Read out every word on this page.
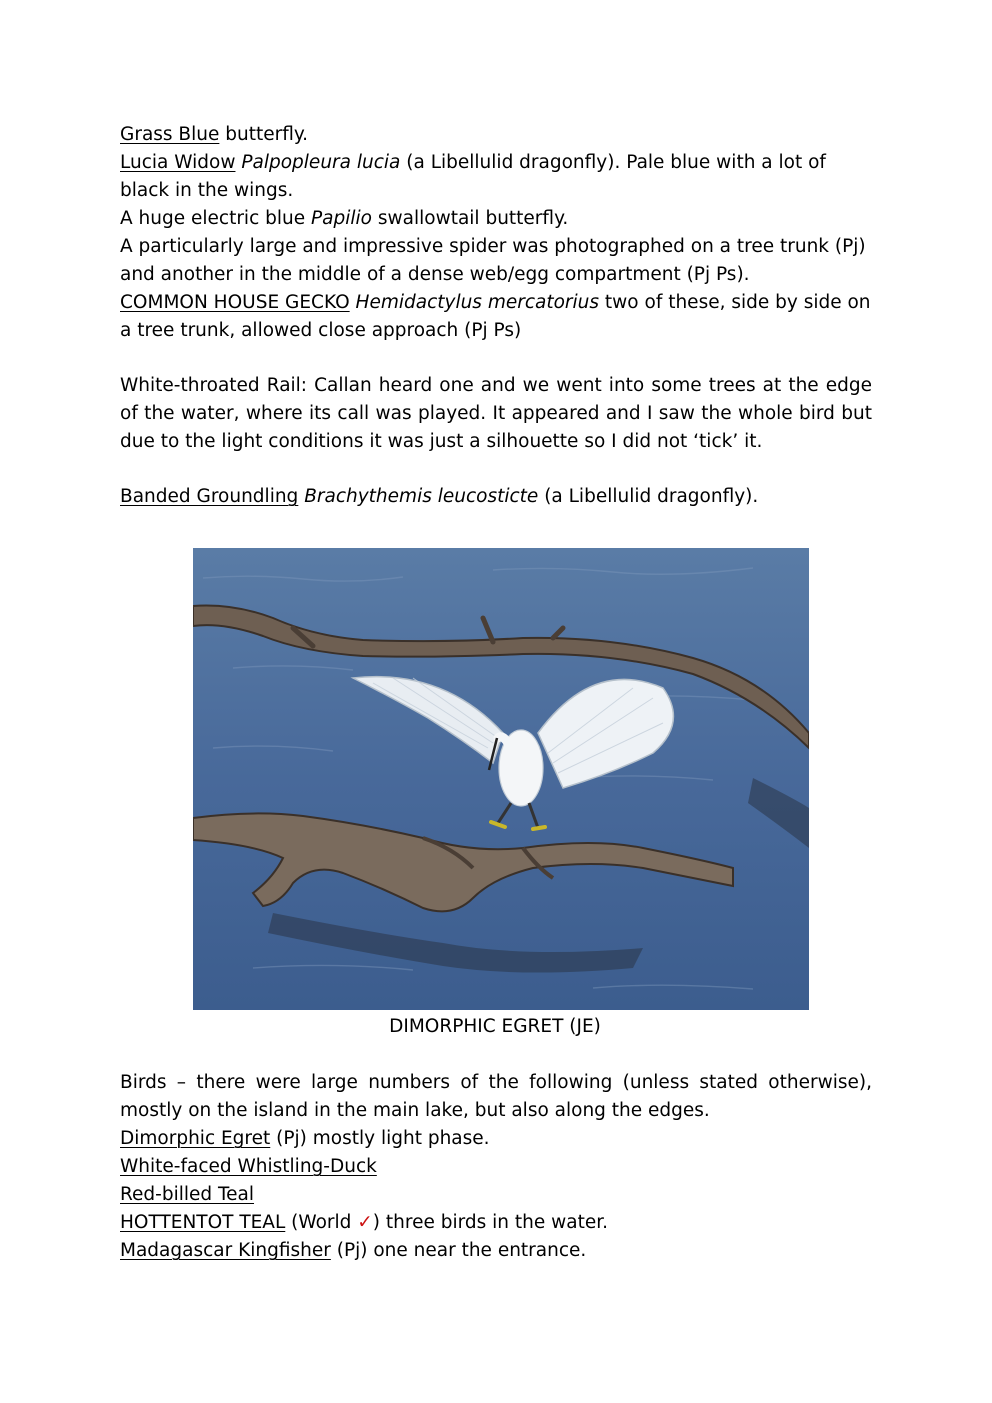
Grass Blue butterfly.

Lucia Widow Palpopleura lucia (a Libellulid dragonfly). Pale blue with a lot of black in the wings.

A huge electric blue Papilio swallowtail butterfly.

A particularly large and impressive spider was photographed on a tree trunk (Pj) and another in the middle of a dense web/egg compartment (Pj Ps).

COMMON HOUSE GECKO Hemidactylus mercatorius two of these, side by side on a tree trunk, allowed close approach (Pj Ps)

White-throated Rail: Callan heard one and we went into some trees at the edge of the water, where its call was played. It appeared and I saw the whole bird but due to the light conditions it was just a silhouette so I did not ‘tick’ it.

Banded Groundling Brachythemis leucosticte (a Libellulid dragonfly).

DIMORPHIC EGRET (JE)

Birds – there were large numbers of the following (unless stated otherwise), mostly on the island in the main lake, but also along the edges.

Dimorphic Egret (Pj) mostly light phase.

White-faced Whistling-Duck

Red-billed Teal

HOTTENTOT TEAL (World ✓) three birds in the water.

Madagascar Kingfisher (Pj) one near the entrance.
